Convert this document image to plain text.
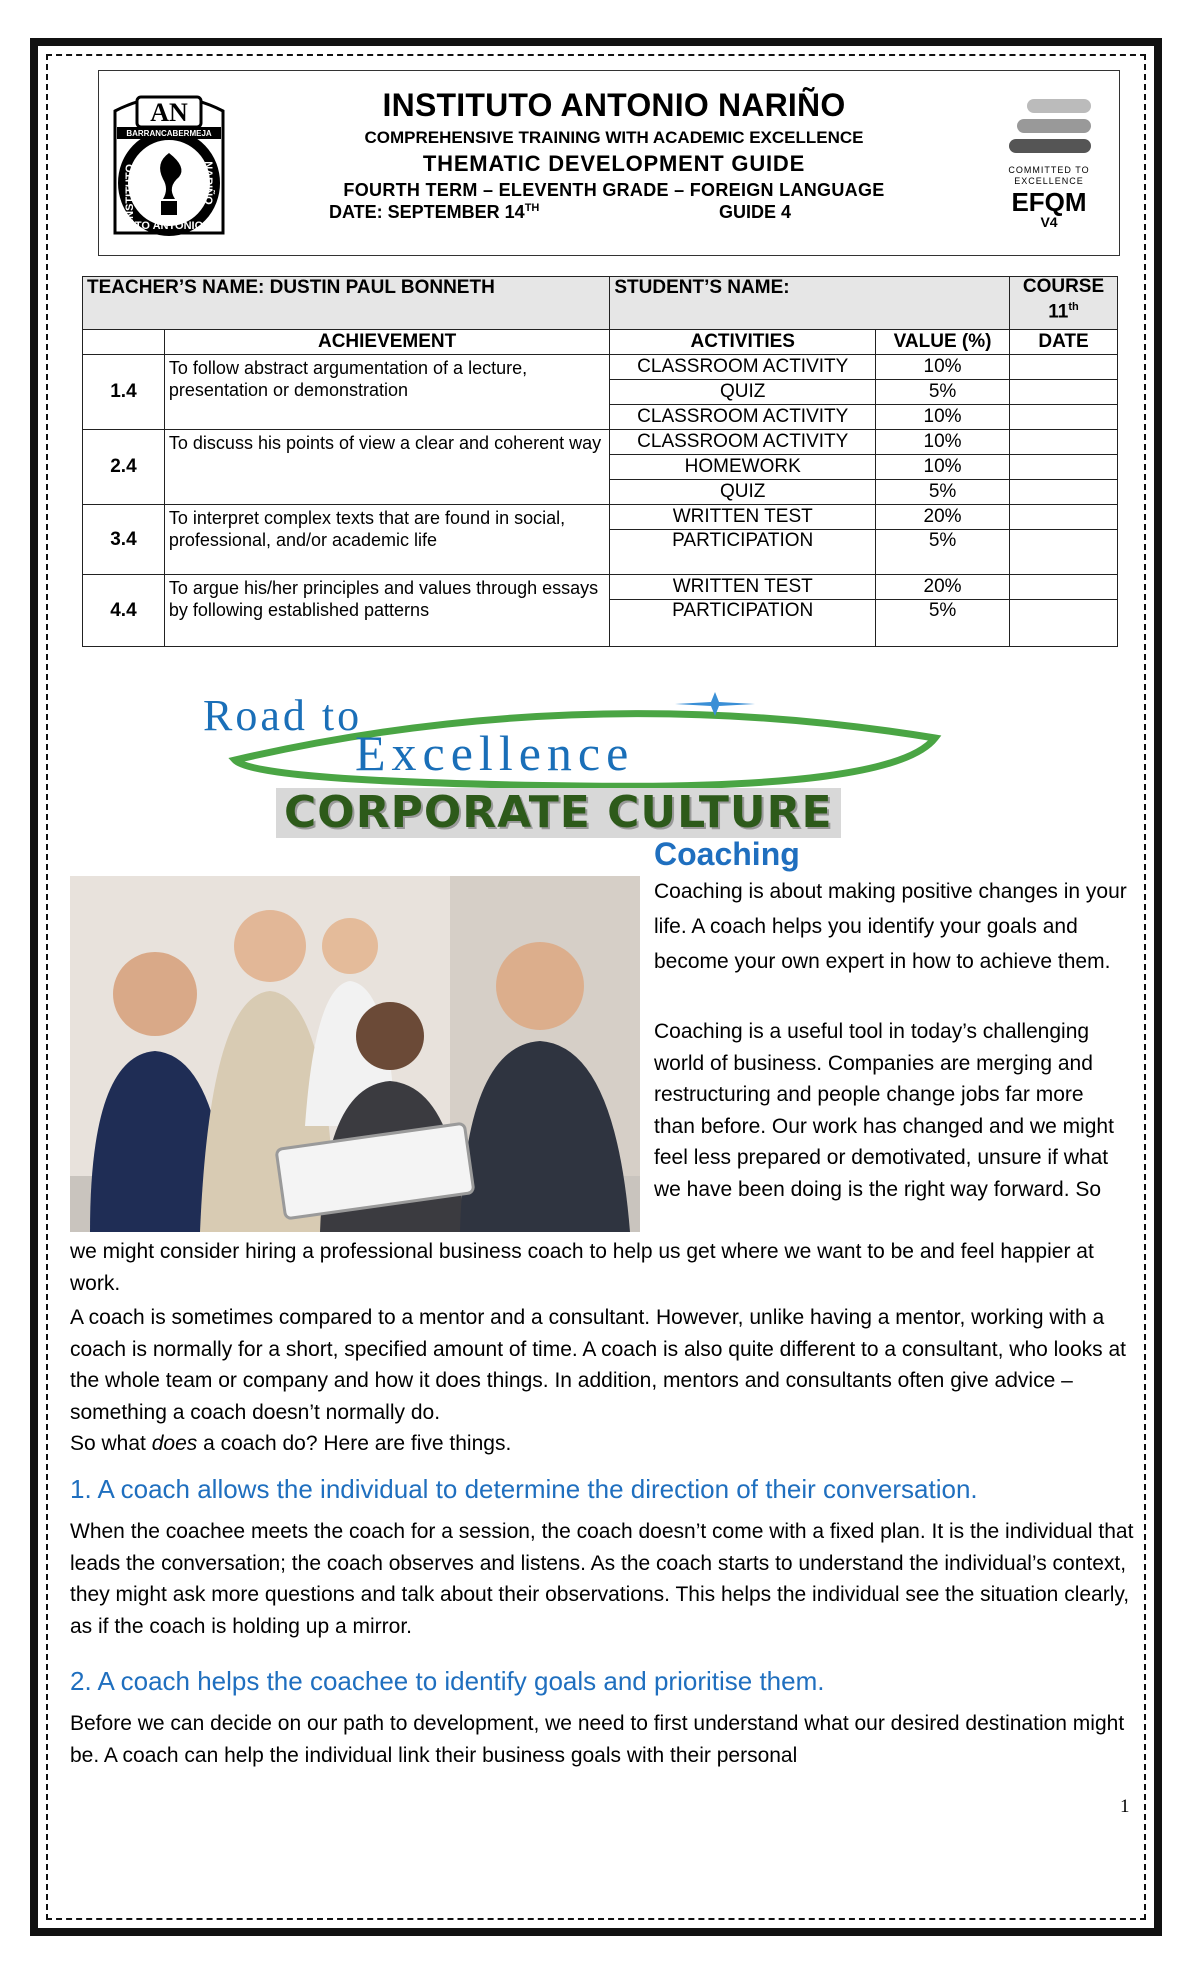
AN
BARRANCABERMEJA
INSTITUTO	NARIÑO
TO ANTONIO
INSTITUTO ANTONIO NARIÑO
COMPREHENSIVE TRAINING WITH ACADEMIC EXCELLENCE
THEMATIC DEVELOPMENT GUIDE
FOURTH TERM – ELEVENTH GRADE – FOREIGN LANGUAGE
DATE: SEPTEMBER 14TH	GUIDE 4
COMMITTED TO
EXCELLENCE
EFQM
V4
TEACHER’S NAME: DUSTIN PAUL BONNETH		STUDENT’S NAME:		COURSE
11th
	ACHIEVEMENT	ACTIVITIES	VALUE (%)	DATE
1.4	To follow abstract argumentation of a lecture, presentation or demonstration	CLASSROOM ACTIVITY	10%	
		QUIZ	5%	
		CLASSROOM ACTIVITY	10%	
2.4	To discuss his points of view a clear and coherent way	CLASSROOM ACTIVITY	10%	
		HOMEWORK	10%	
		QUIZ	5%	
3.4	To interpret complex texts that are found in social, professional, and/or academic life	WRITTEN TEST	20%	
		PARTICIPATION	5%	
4.4	To argue his/her principles and values through essays by following established patterns	WRITTEN TEST	20%	
		PARTICIPATION	5%	
Road to
Excellence
CORPORATE CULTURE
Coaching

Coaching is about making positive changes in your life. A coach helps you identify your goals and become your own expert in how to achieve them.

Coaching is a useful tool in today’s challenging world of business. Companies are merging and restructuring and people change jobs far more than before. Our work has changed and we might feel less prepared or demotivated, unsure if what we have been doing is the right way forward. So

we might consider hiring a professional business coach to help us get where we want to be and feel happier at work.

A coach is sometimes compared to a mentor and a consultant. However, unlike having a mentor, working with a coach is normally for a short, specified amount of time. A coach is also quite different to a consultant, who looks at the whole team or company and how it does things. In addition, mentors and consultants often give advice – something a coach doesn’t normally do.

So what does a coach do? Here are five things.

1. A coach allows the individual to determine the direction of their conversation.

When the coachee meets the coach for a session, the coach doesn’t come with a fixed plan. It is the individual that leads the conversation; the coach observes and listens. As the coach starts to understand the individual’s context, they might ask more questions and talk about their observations. This helps the individual see the situation clearly, as if the coach is holding up a mirror.

2. A coach helps the coachee to identify goals and prioritise them.

Before we can decide on our path to development, we need to first understand what our desired destination might be. A coach can help the individual link their business goals with their personal

1
